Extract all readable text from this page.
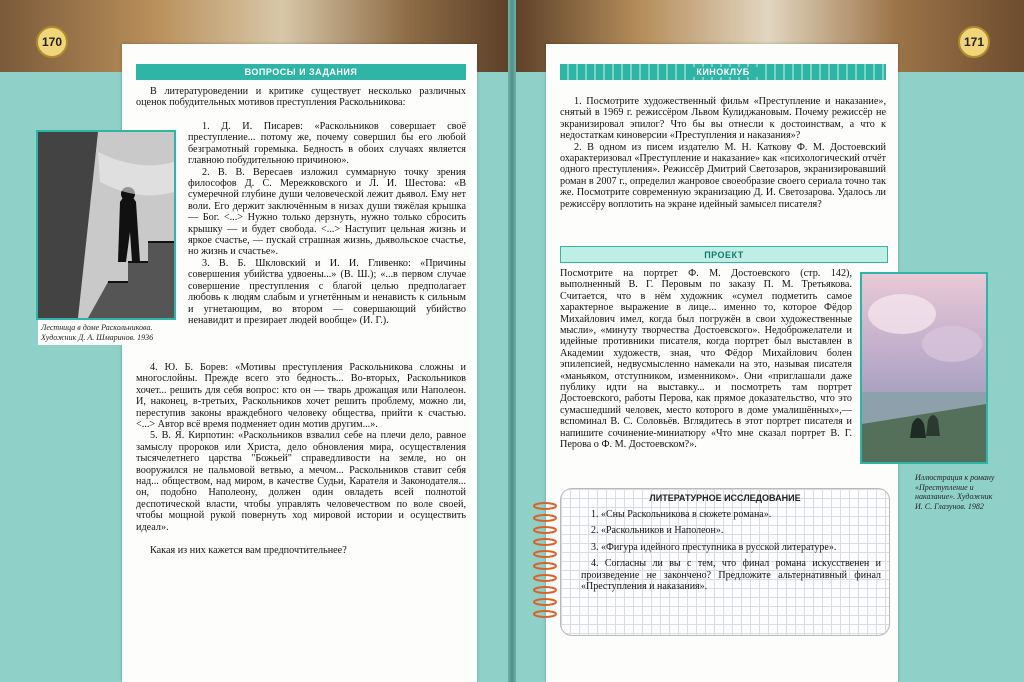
170	171
ВОПРОСЫ И ЗАДАНИЯ
Лестница в доме Раскольникова. Художник Д. А. Шмаринов. 1936

В литературоведении и критике существует несколько различных оценок побудительных мотивов преступления Раскольникова:

1. Д. И. Писарев: «Раскольников совершает своё преступление... потому же, почему совершил бы его любой безграмотный горемыка. Бедность в обоих случаях является главною побудительною причиною».

2. В. В. Вересаев изложил суммарную точку зрения философов Д. С. Мережковского и Л. И. Шестова: «В сумеречной глубине души человеческой лежит дьявол. Ему нет воли. Его держит заключённым в низах души тяжёлая крышка — Бог. <...> Нужно только дерзнуть, нужно только сбросить крышку — и будет свобода. <...> Наступит цельная жизнь и яркое счастье, — пускай страшная жизнь, дьявольское счастье, но жизнь и счастье».

3. В. Б. Шкловский и И. И. Гливенко: «Причины совершения убийства удвоены...» (В. Ш.); «...в первом случае совершение преступления с благой целью предполагает любовь к людям слабым и угнетённым и ненависть к сильным и угнетающим, во втором — совершающий убийство ненавидит и презирает людей вообще» (И. Г.).

4. Ю. Б. Борев: «Мотивы преступления Раскольникова сложны и многослойны. Прежде всего это бедность... Во-вторых, Раскольников хочет... решить для себя вопрос: кто он — тварь дрожащая или Наполеон. И, наконец, в-третьих, Раскольников хочет решить проблему, можно ли, переступив законы враждебного человеку общества, прийти к счастью. <...> Автор всё время подменяет один мотив другим...».

5. В. Я. Кирпотин: «Раскольников взвалил себе на плечи дело, равное замыслу пророков или Христа, дело обновления мира, осуществления тысячелетнего царства "Божьей" справедливости на земле, но он вооружился не пальмовой ветвью, а мечом... Раскольников ставит себя над... обществом, над миром, в качестве Судьи, Карателя и Законодателя... он, подобно Наполеону, должен один овладеть всей полнотой деспотической власти, чтобы управлять человечеством по воле своей, чтобы мощной рукой повернуть ход мировой истории и осуществить идеал».

Какая из них кажется вам предпочтительнее?

КИНОКЛУБ

1. Посмотрите художественный фильм «Преступление и наказание», снятый в 1969 г. режиссёром Львом Кулиджановым. Почему режиссёр не экранизировал эпилог? Что бы вы отнесли к достоинствам, а что к недостаткам киноверсии «Преступления и наказания»?

2. В одном из писем издателю М. Н. Каткову Ф. М. Достоевский охарактеризовал «Преступление и наказание» как «психологический отчёт одного преступления». Режиссёр Дмитрий Светозаров, экранизировавший роман в 2007 г., определил жанровое своеобразие своего сериала точно так же. Посмотрите современную экранизацию Д. И. Светозарова. Удалось ли режиссёру воплотить на экране идейный замысел писателя?

ПРОЕКТ
Посмотрите на портрет Ф. М. Достоевского (стр. 142), выполненный В. Г. Перовым по заказу П. М. Третьякова. Считается, что в нём художник «сумел подметить самое характерное выражение в лице... именно то, которое Фёдор Михайлович имел, когда был погружён в свои художественные мысли», «минуту творчества Достоевского». Недоброжелатели и идейные противники писателя, когда портрет был выставлен в Академии художеств, зная, что Фёдор Михайлович болен эпилепсией, недвусмысленно намекали на это, называя писателя «маньяком, отступником, изменником». Они «приглашали даже публику идти на выставку... и посмотреть там портрет Достоевского, работы Перова, как прямое доказательство, что это сумасшедший человек, место которого в доме умалишённых»,— вспоминал В. С. Соловьёв. Вглядитесь в этот портрет писателя и напишите сочинение-миниатюру «Что мне сказал портрет В. Г. Перова о Ф. М. Достоевском?».
Иллюстрация к роману «Преступление и наказание». Художник И. С. Глазунов. 1982
ЛИТЕРАТУРНОЕ ИССЛЕДОВАНИЕ

1. «Сны Раскольникова в сюжете романа».

2. «Раскольников и Наполеон».

3. «Фигура идейного преступника в русской литературе».

4. Согласны ли вы с тем, что финал романа искусственен и произведение не закончено? Предложите альтернативный финал «Преступления и наказания».
